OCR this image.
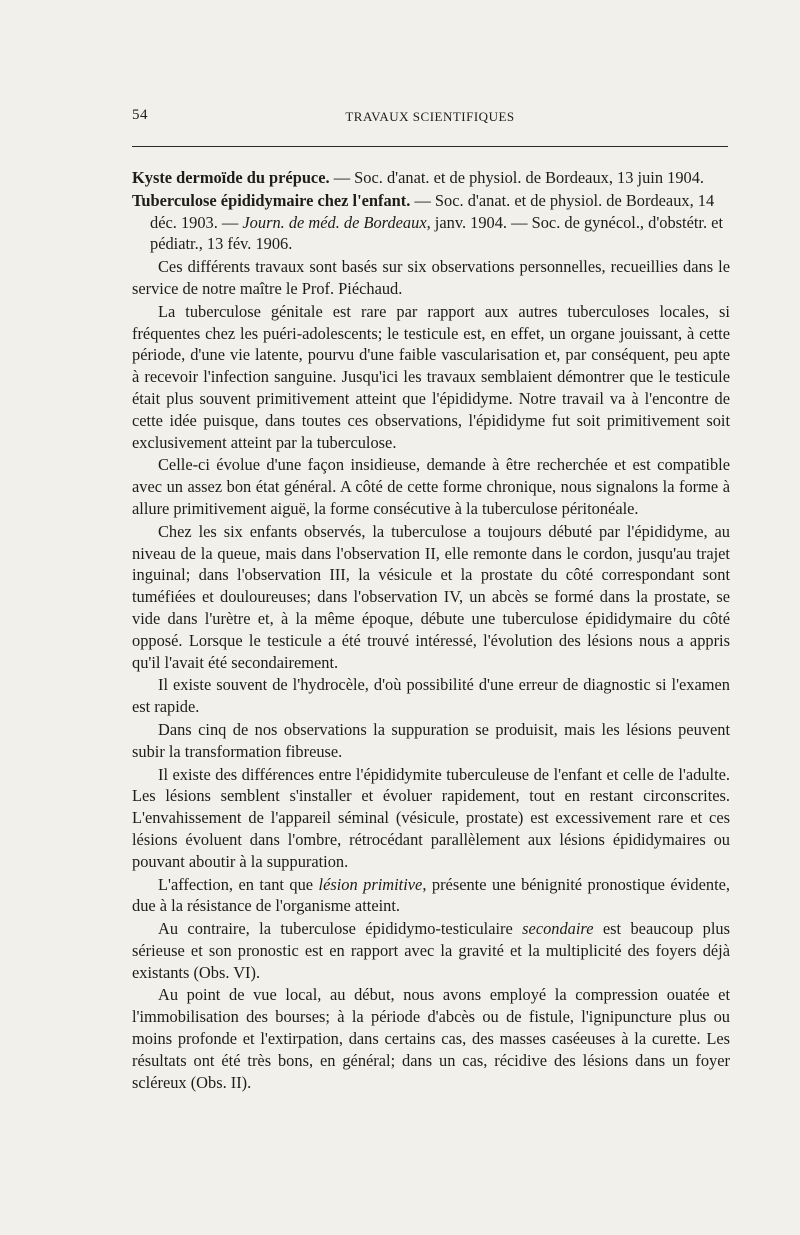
54	TRAVAUX SCIENTIFIQUES

Kyste dermoïde du prépuce. — Soc. d'anat. et de physiol. de Bordeaux, 13 juin 1904.

Tuberculose épididymaire chez l'enfant. — Soc. d'anat. et de physiol. de Bordeaux, 14 déc. 1903. — Journ. de méd. de Bordeaux, janv. 1904. — Soc. de gynécol., d'obstétr. et pédiatr., 13 fév. 1906.

Ces différents travaux sont basés sur six observations personnelles, recueillies dans le service de notre maître le Prof. Piéchaud.

La tuberculose génitale est rare par rapport aux autres tuberculoses locales, si fréquentes chez les puéri-adolescents; le testicule est, en effet, un organe jouissant, à cette période, d'une vie latente, pourvu d'une faible vascularisation et, par conséquent, peu apte à recevoir l'infection sanguine. Jusqu'ici les travaux semblaient démontrer que le testicule était plus souvent primitivement atteint que l'épididyme. Notre travail va à l'encontre de cette idée puisque, dans toutes ces observations, l'épididyme fut soit primitivement soit exclusivement atteint par la tuberculose.

Celle-ci évolue d'une façon insidieuse, demande à être recherchée et est compatible avec un assez bon état général. A côté de cette forme chronique, nous signalons la forme à allure primitivement aiguë, la forme consécutive à la tuberculose péritonéale.

Chez les six enfants observés, la tuberculose a toujours débuté par l'épididyme, au niveau de la queue, mais dans l'observation II, elle remonte dans le cordon, jusqu'au trajet inguinal; dans l'observation III, la vésicule et la prostate du côté correspondant sont tuméfiées et douloureuses; dans l'observation IV, un abcès se formé dans la prostate, se vide dans l'urètre et, à la même époque, débute une tuberculose épididymaire du côté opposé. Lorsque le testicule a été trouvé intéressé, l'évolution des lésions nous a appris qu'il l'avait été secondairement.

Il existe souvent de l'hydrocèle, d'où possibilité d'une erreur de diagnostic si l'examen est rapide.

Dans cinq de nos observations la suppuration se produisit, mais les lésions peuvent subir la transformation fibreuse.

Il existe des différences entre l'épididymite tuberculeuse de l'enfant et celle de l'adulte. Les lésions semblent s'installer et évoluer rapidement, tout en restant circonscrites. L'envahissement de l'appareil séminal (vésicule, prostate) est excessivement rare et ces lésions évoluent dans l'ombre, rétrocédant parallèlement aux lésions épididymaires ou pouvant aboutir à la suppuration.

L'affection, en tant que lésion primitive, présente une bénignité pronostique évidente, due à la résistance de l'organisme atteint.

Au contraire, la tuberculose épididymo-testiculaire secondaire est beaucoup plus sérieuse et son pronostic est en rapport avec la gravité et la multiplicité des foyers déjà existants (Obs. VI).

Au point de vue local, au début, nous avons employé la compression ouatée et l'immobilisation des bourses; à la période d'abcès ou de fistule, l'ignipuncture plus ou moins profonde et l'extirpation, dans certains cas, des masses caséeuses à la curette. Les résultats ont été très bons, en général; dans un cas, récidive des lésions dans un foyer scléreux (Obs. II).
